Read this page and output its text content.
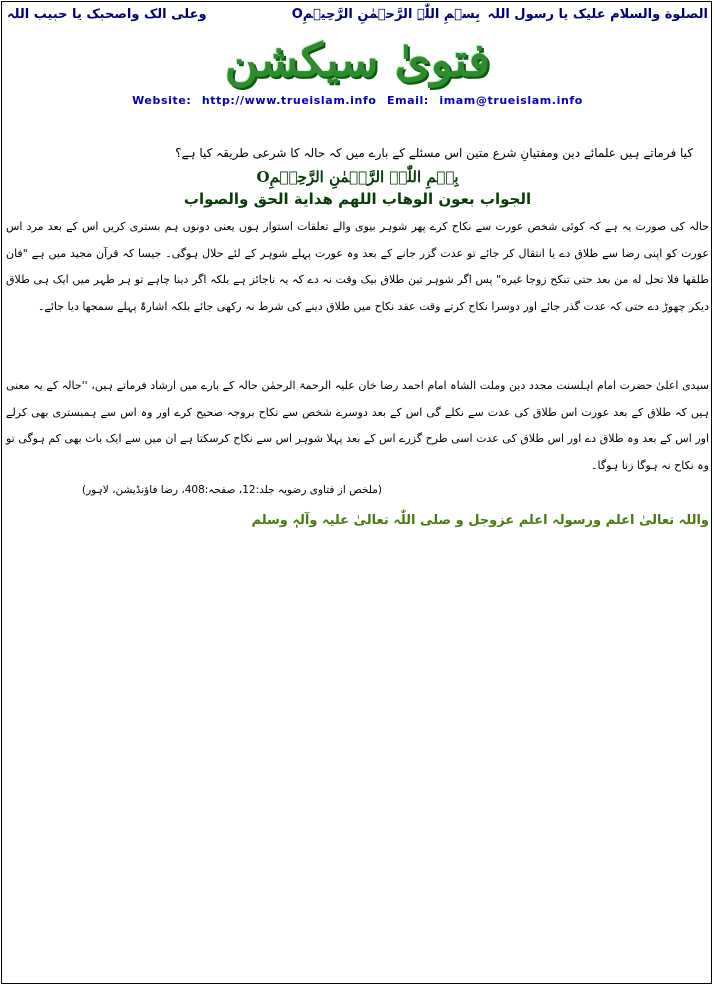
الصلوة والسلام علیک یا رسول اللہ
بِسۡمِ اللّٰہِ الرَّحۡمٰنِ الرَّحِیۡمِO
وعلی الک واصحبک یا حبیب اللہ
فتویٰ سیکشن
Website: http://www.trueislam.info Email: imam@trueislam.info
کیا فرماتے ہیں علمائے دین ومفتیانِ شرع متین اس مسئلے کے بارے میں کہ حالہ کا شرعی طریقہ کیا ہے؟
بِسۡمِ اللّٰہِ الرَّحۡمٰنِ الرَّحِیۡمِO
الجواب بعون الوهاب اللهم هداية الحق والصواب
حالہ کی صورت یہ ہے کہ کوئی شخص عورت سے نکاح کرے پھر شوہر بیوی والے تعلقات استوار ہوں یعنی دونوں ہم بستری کریں اس کے بعد مرد اس عورت کو اپنی رضا سے طلاق دے یا انتقال کر جائے تو عدت گزر جانے کے بعد وہ عورت پہلے شوہر کے لئے حلال ہوگی۔ جیسا کہ قرآن مجید میں ہے "فان طلقها فلا تحل له من بعد حتى تنكح زوجا غيره" پس اگر شوہر تین طلاق بیک وقت نہ دے کہ یہ ناجائز ہے بلکہ اگر دینا چاہے تو ہر طہر میں ایک ہی طلاق دیکر چھوڑ دے حتی کہ عدت گذر جائے اور دوسرا نکاح کرتے وقت عقد نکاح میں طلاق دینے کی شرط نہ رکھی جائے بلکہ اشارۃً پہلے سمجھا دیا جائے۔
سیدی اعلیٰ حضرت امام اہلسنت مجدد دین وملت الشاہ امام احمد رضا خان علیہ الرحمۃ الرحمٰن حالہ کے بارے میں ارشاد فرماتے ہیں، ''حالہ کے یہ معنی ہیں کہ طلاق کے بعد عورت اس طلاق کی عدت سے نکلے گی اس کے بعد دوسرے شخص سے نکاح بروجہ صحیح کرے اور وہ اس سے ہمبستری بھی کرلے اور اس کے بعد وہ طلاق دے اور اس طلاق کی عدت اسی طرح گزرے اس کے بعد پہلا شوہر اس سے نکاح کرسکتا ہے ان میں سے ایک بات بھی کم ہوگی تو وہ نکاح نہ ہوگا زنا ہوگا۔
(ملخص از فتاوی رضویہ جلد:12، صفحہ:408، رضا فاؤنڈیشن، لاہور)
واللہ تعالیٰ اعلم ورسولہ اعلم عزوجل و صلی اللّٰہ تعالیٰ علیہ وآلہٖ وسلم
